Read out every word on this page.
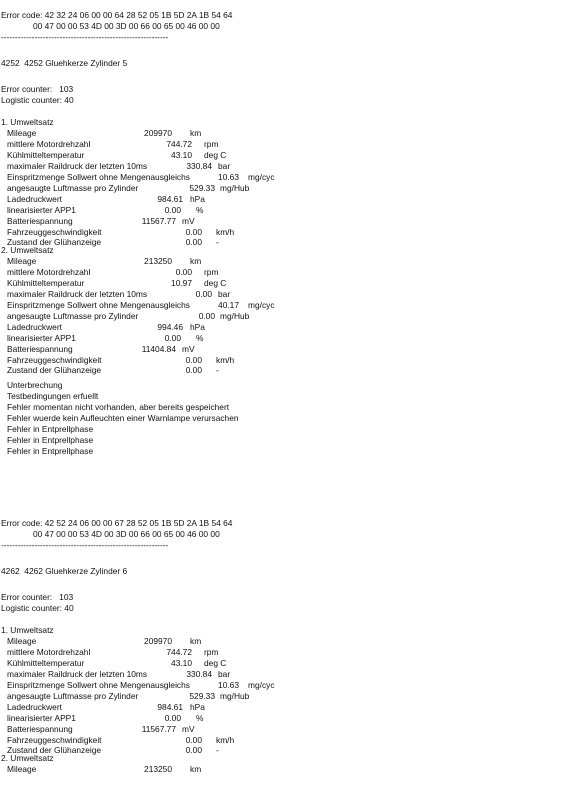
Error code: 42 32 24 06 00 00 64 28 52 05 1B 5D 2A 1B 54 64
00 47 00 00 53 4D 00 3D 00 66 00 65 00 46 00 00
------------------------------------------------------------
4252  4252 Gluehkerze Zylinder 5
Error counter:   103
Logistic counter: 40
1. Umweltsatz
Mileage	209970 km
mittlere Motordrehzahl	744.72 rpm
Kühlmitteltemperatur	43.10 deg C
maximaler Raildruck der letzten 10ms	330.84 bar
Einspritzmenge Sollwert ohne Mengenausgleichs	10.63 mg/cyc
angesaugte Luftmasse pro Zylinder	529.33 mg/Hub
Ladedruckwert	984.61 hPa
linearisierter APP1	0.00 %
Batteriespannung	11567.77 mV
Fahrzeuggeschwindigkeit	0.00 km/h
Zustand der Glühanzeige	0.00 -
2. Umweltsatz
Mileage	213250 km
mittlere Motordrehzahl	0.00 rpm
Kühlmitteltemperatur	10.97 deg C
maximaler Raildruck der letzten 10ms	0.00 bar
Einspritzmenge Sollwert ohne Mengenausgleichs	40.17 mg/cyc
angesaugte Luftmasse pro Zylinder	0.00 mg/Hub
Ladedruckwert	994.46 hPa
linearisierter APP1	0.00 %
Batteriespannung	11404.84 mV
Fahrzeuggeschwindigkeit	0.00 km/h
Zustand der Glühanzeige	0.00 -
Unterbrechung
Testbedingungen erfuellt
Fehler momentan nicht vorhanden, aber bereits gespeichert
Fehler wuerde kein Aufleuchten einer Warnlampe verursachen
Fehler in Entprellphase
Fehler in Entprellphase
Fehler in Entprellphase
Error code: 42 52 24 06 00 00 67 28 52 05 1B 5D 2A 1B 54 64
00 47 00 00 53 4D 00 3D 00 66 00 65 00 46 00 00
------------------------------------------------------------
4262  4262 Gluehkerze Zylinder 6
Error counter:   103
Logistic counter: 40
1. Umweltsatz
Mileage	209970 km
mittlere Motordrehzahl	744.72 rpm
Kühlmitteltemperatur	43.10 deg C
maximaler Raildruck der letzten 10ms	330.84 bar
Einspritzmenge Sollwert ohne Mengenausgleichs	10.63 mg/cyc
angesaugte Luftmasse pro Zylinder	529.33 mg/Hub
Ladedruckwert	984.61 hPa
linearisierter APP1	0.00 %
Batteriespannung	11567.77 mV
Fahrzeuggeschwindigkeit	0.00 km/h
Zustand der Glühanzeige	0.00 -
2. Umweltsatz
Mileage	213250 km
